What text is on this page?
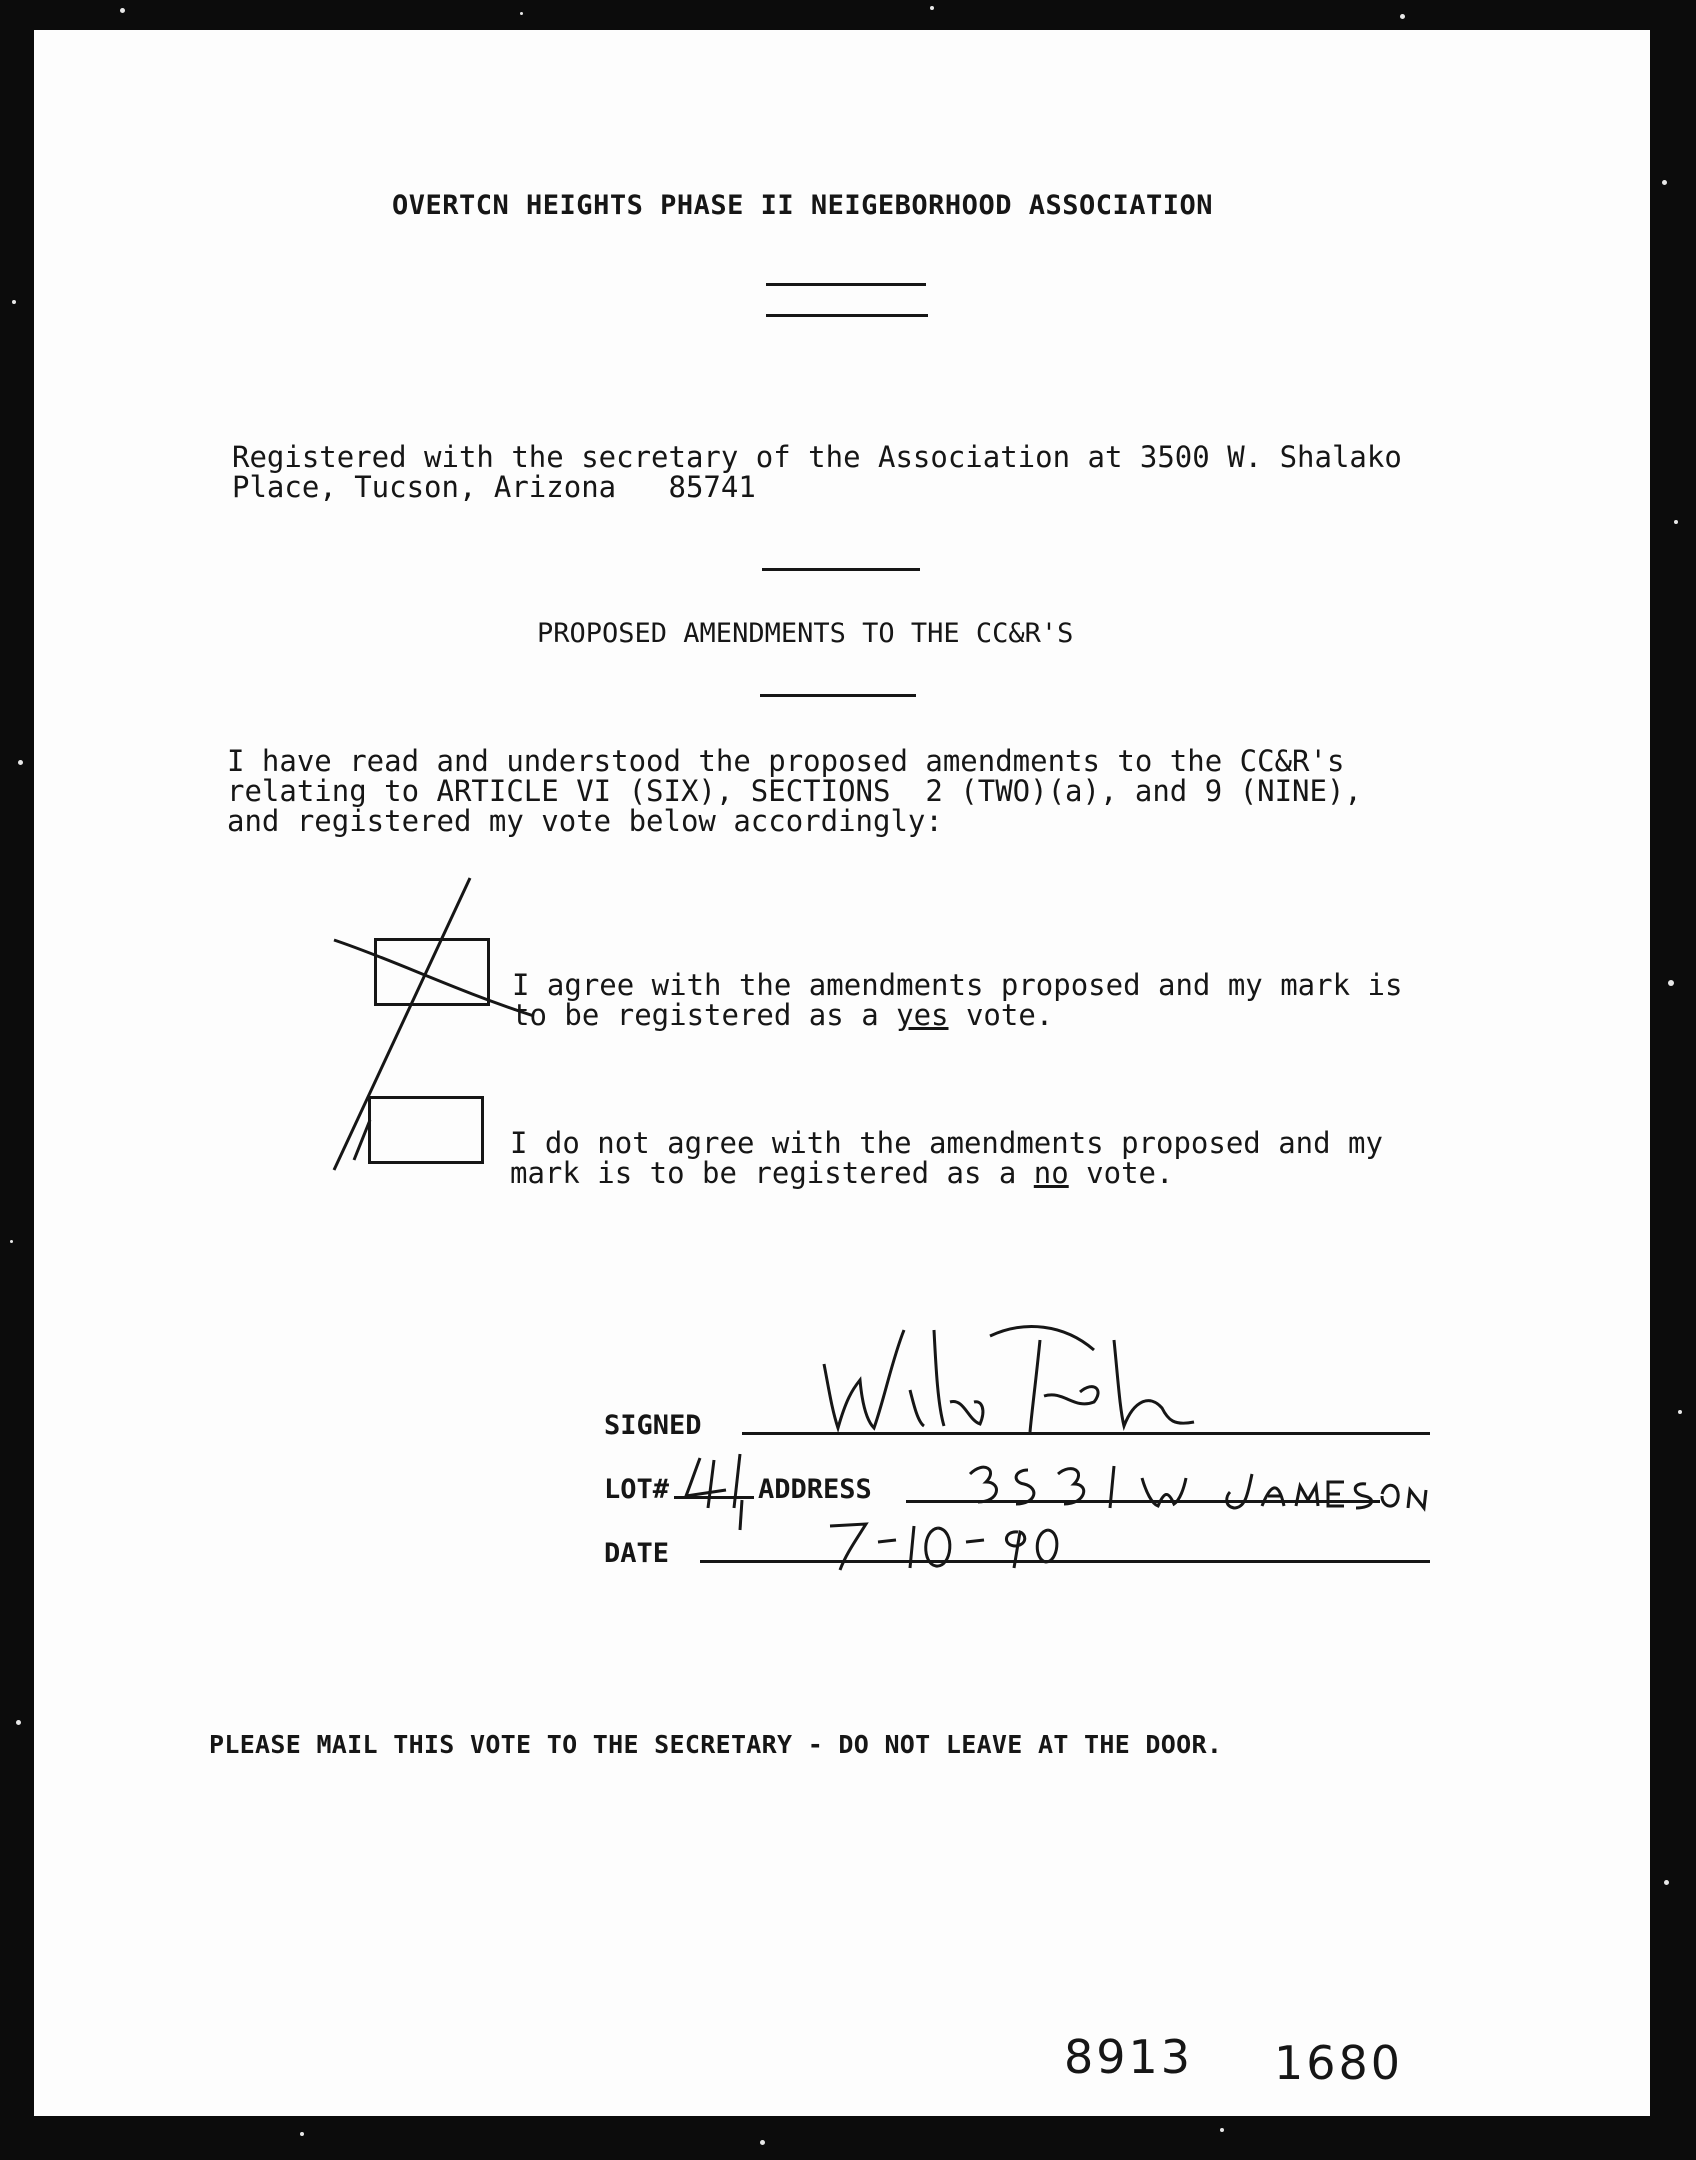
OVERTCN HEIGHTS PHASE II NEIGEBORHOOD ASSOCIATION

Registered with the secretary of the Association at 3500 W. Shalako
Place, Tucson, Arizona   85741

PROPOSED AMENDMENTS TO THE CC&R'S

I have read and understood the proposed amendments to the CC&R's
relating to ARTICLE VI (SIX), SECTIONS  2 (TWO)(a), and 9 (NINE),
and registered my vote below accordingly:
I agree with the amendments proposed and my mark is
to be registered as a yes vote.
I do not agree with the amendments proposed and my
mark is to be registered as a no vote.

SIGNED

LOT#	ADDRESS

DATE

PLEASE MAIL THIS VOTE TO THE SECRETARY - DO NOT LEAVE AT THE DOOR.

8913 1680
